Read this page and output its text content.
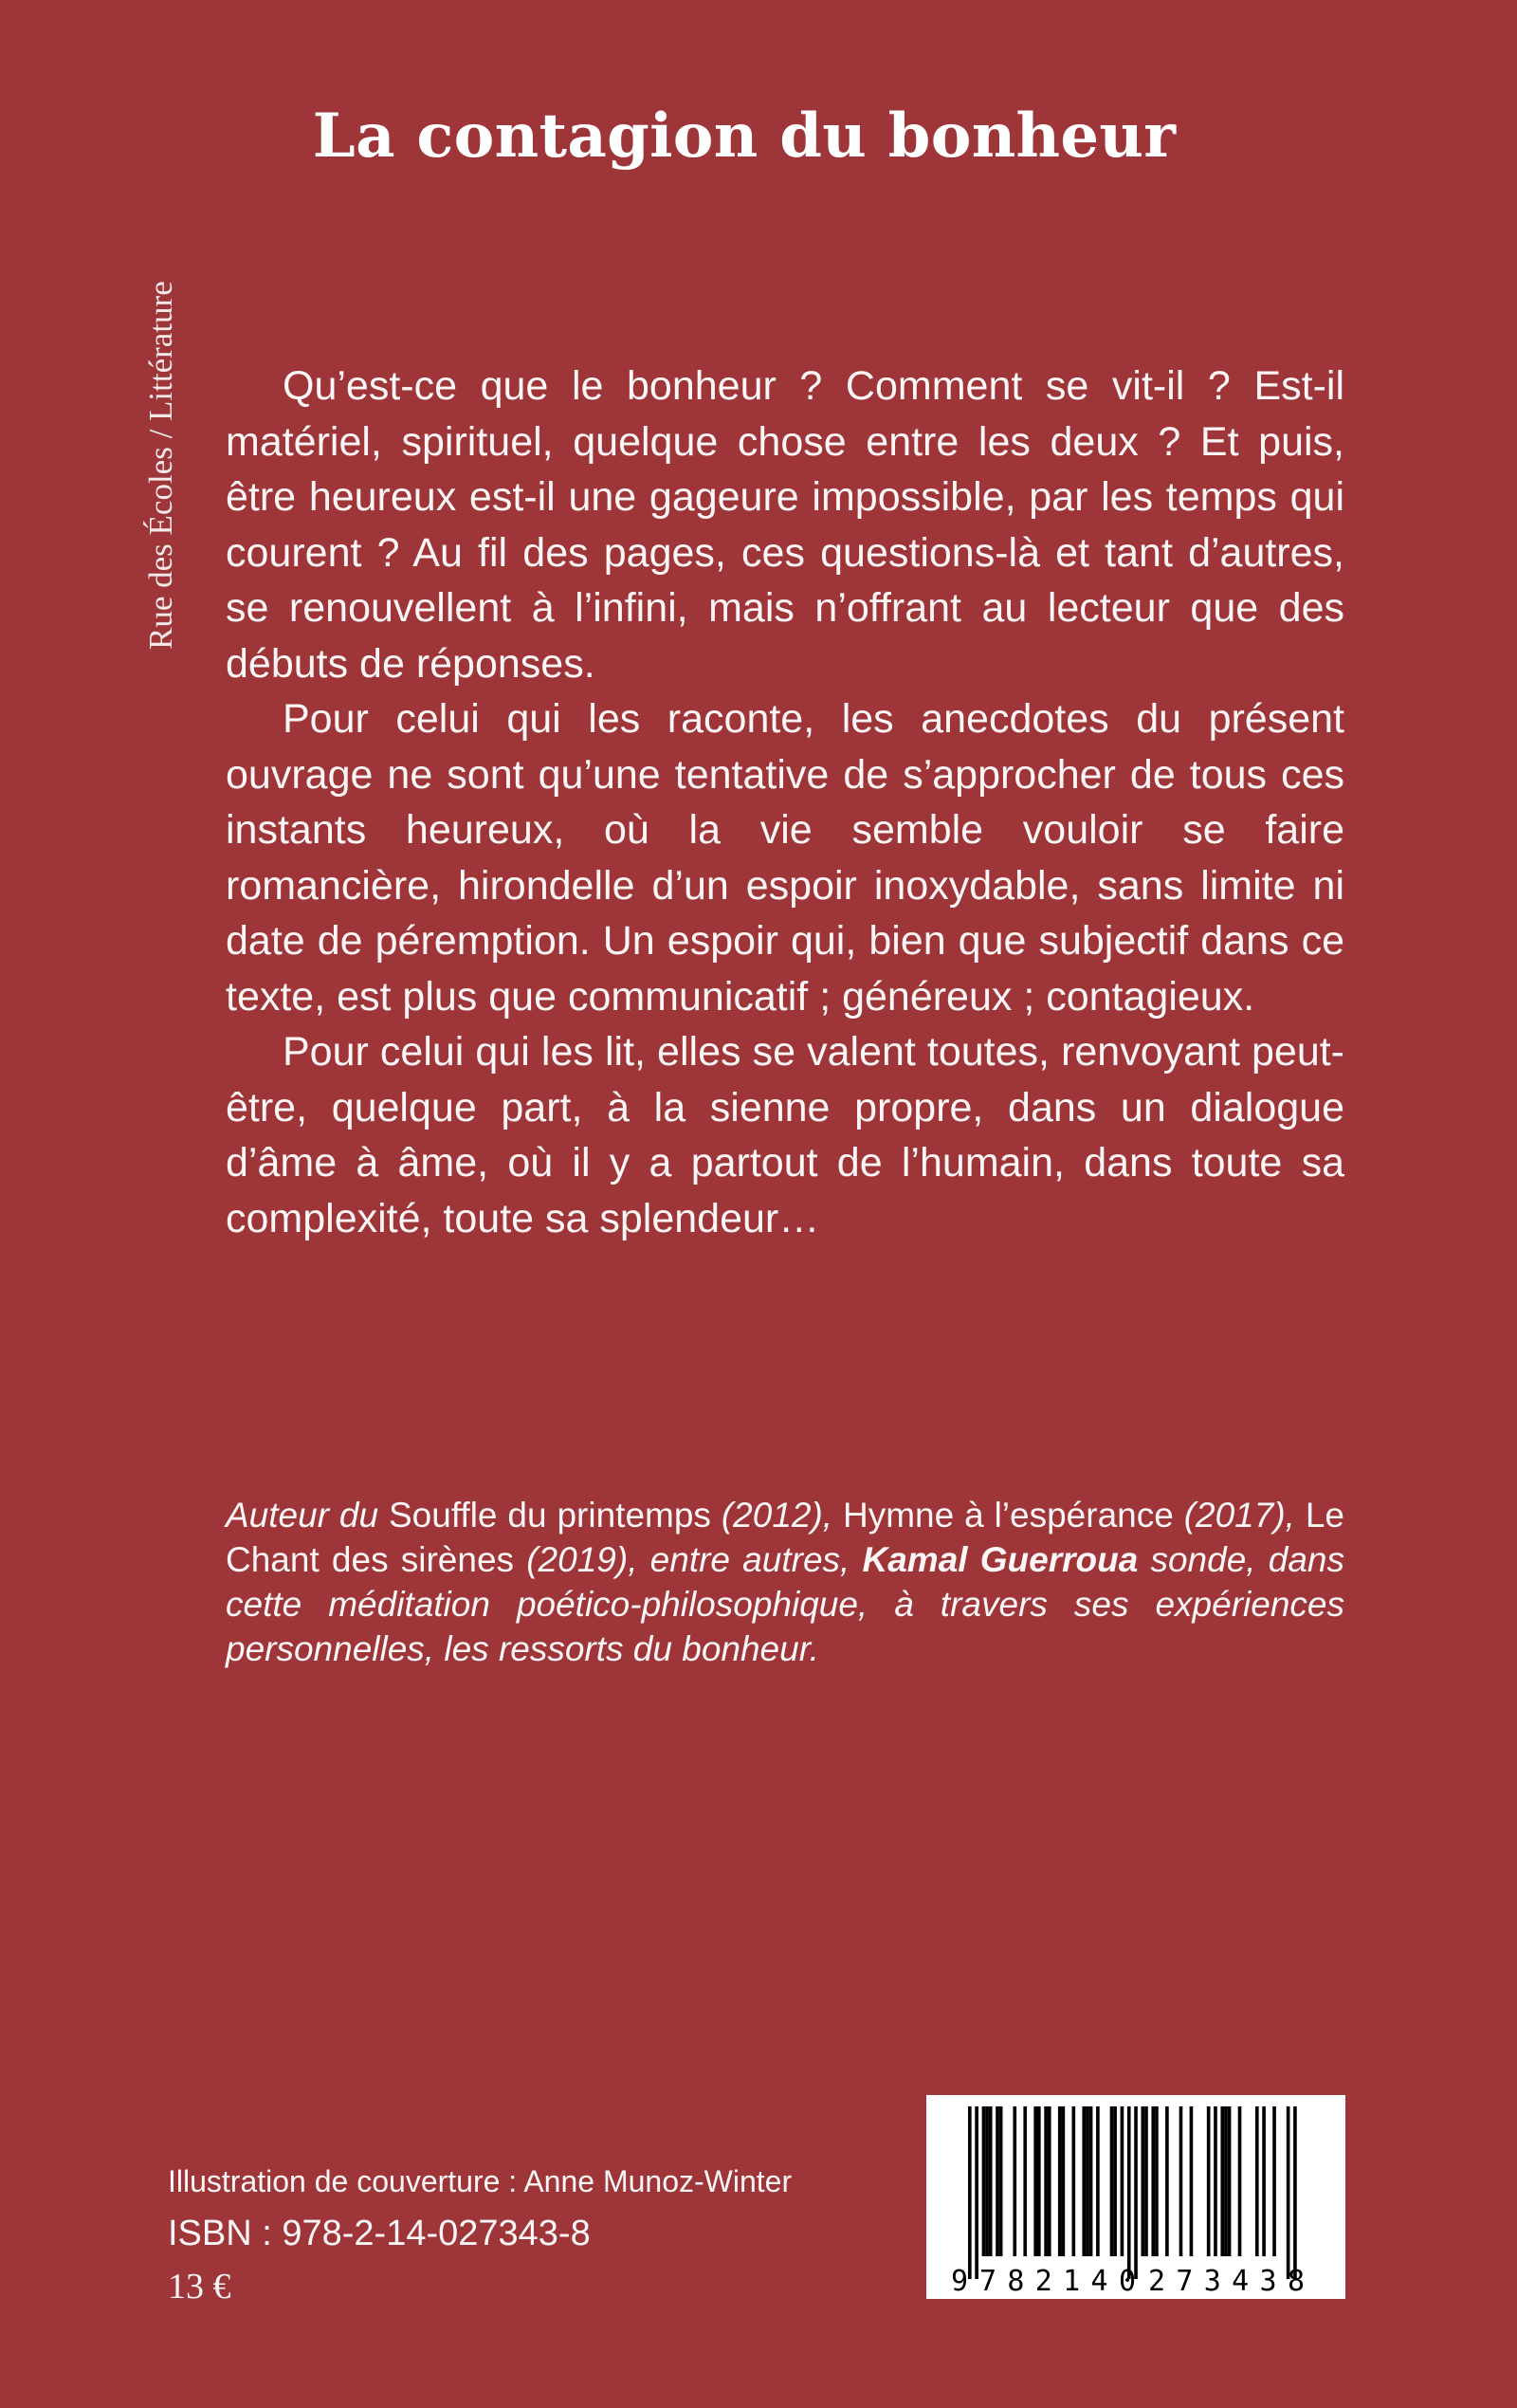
Rue des Écoles / Littérature
La contagion du bonheur

Qu’est-ce que le bonheur ? Comment se vit-il ? Est-il matériel, spirituel, quelque chose entre les deux ? Et puis, être heureux est-il une gageure impossible, par les temps qui courent ? Au fil des pages, ces questions-là et tant d’autres, se renouvellent à l’infini, mais n’offrant au lecteur que des débuts de réponses.

Pour celui qui les raconte, les anecdotes du présent ouvrage ne sont qu’une tentative de s’approcher de tous ces instants heureux, où la vie semble vouloir se faire romancière, hirondelle d’un espoir inoxydable, sans limite ni date de péremption. Un espoir qui, bien que subjectif dans ce texte, est plus que communicatif ; généreux ; contagieux.

Pour celui qui les lit, elles se valent toutes, renvoyant peut-être, quelque part, à la sienne propre, dans un dialogue d’âme à âme, où il y a partout de l’humain, dans toute sa complexité, toute sa splendeur…

Auteur du Souffle du printemps (2012), Hymne à l’espérance (2017), Le Chant des sirènes (2019), entre autres, Kamal Guerroua sonde, dans cette méditation poético-philosophique, à travers ses expériences personnelles, les ressorts du bonheur.
Illustration de couverture : Anne Munoz-Winter
ISBN : 978-2-14-027343-8
13 €	9 782140 273438
